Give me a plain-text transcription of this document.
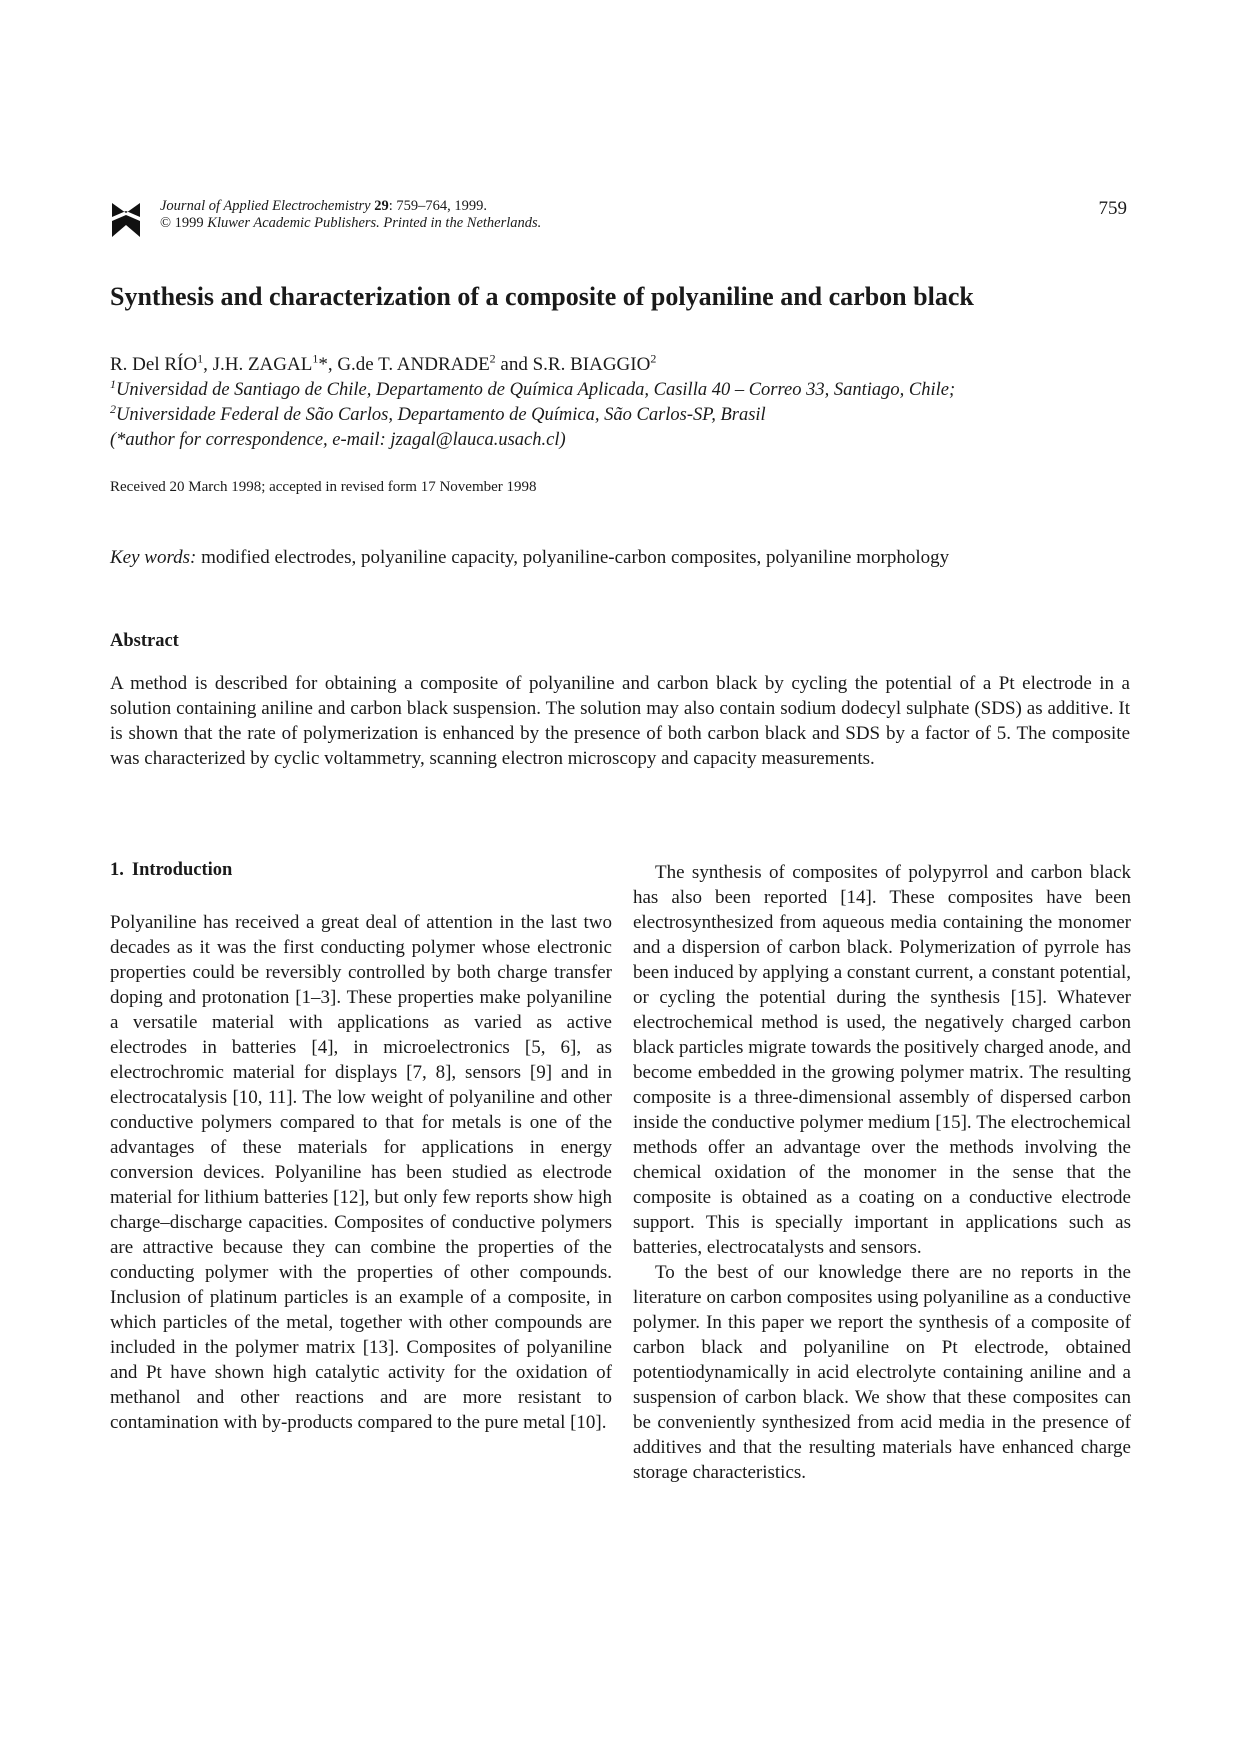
Journal of Applied Electrochemistry 29: 759–764, 1999.
© 1999 Kluwer Academic Publishers. Printed in the Netherlands.
759
Synthesis and characterization of a composite of polyaniline and carbon black
R. Del RÍO$^1$, J.H. ZAGAL$^1$*, G.de T. ANDRADE$^2$ and S.R. BIAGGIO$^2$
$^1$Universidad de Santiago de Chile, Departamento de Química Aplicada, Casilla 40 – Correo 33, Santiago, Chile;
$^2$Universidade Federal de São Carlos, Departamento de Química, São Carlos-SP, Brasil
(*author for correspondence, e-mail: jzagal@lauca.usach.cl)
Received 20 March 1998; accepted in revised form 17 November 1998
Key words: modified electrodes, polyaniline capacity, polyaniline-carbon composites, polyaniline morphology
Abstract
A method is described for obtaining a composite of polyaniline and carbon black by cycling the potential of a Pt electrode in a solution containing aniline and carbon black suspension. The solution may also contain sodium dodecyl sulphate (SDS) as additive. It is shown that the rate of polymerization is enhanced by the presence of both carbon black and SDS by a factor of 5. The composite was characterized by cyclic voltammetry, scanning electron microscopy and capacity measurements.
1. Introduction

Polyaniline has received a great deal of attention in the last two decades as it was the first conducting polymer whose electronic properties could be reversibly controlled by both charge transfer doping and protonation [1–3]. These properties make polyaniline a versatile material with applications as varied as active electrodes in batteries [4], in microelectronics [5, 6], as electrochromic material for displays [7, 8], sensors [9] and in electrocatalysis [10, 11]. The low weight of polyaniline and other conductive polymers compared to that for metals is one of the advantages of these materials for applications in energy conversion devices. Polyaniline has been studied as electrode material for lithium batteries [12], but only few reports show high charge–discharge capacities. Composites of conductive polymers are attractive because they can combine the properties of the conducting polymer with the properties of other compounds. Inclusion of platinum particles is an example of a composite, in which particles of the metal, together with other compounds are included in the polymer matrix [13]. Composites of polyaniline and Pt have shown high catalytic activity for the oxidation of methanol and other reactions and are more resistant to contamination with by-products compared to the pure metal [10].

The synthesis of composites of polypyrrol and carbon black has also been reported [14]. These composites have been electrosynthesized from aqueous media containing the monomer and a dispersion of carbon black. Polymerization of pyrrole has been induced by applying a constant current, a constant potential, or cycling the potential during the synthesis [15]. Whatever electrochemical method is used, the negatively charged carbon black particles migrate towards the positively charged anode, and become embedded in the growing polymer matrix. The resulting composite is a three-dimensional assembly of dispersed carbon inside the conductive polymer medium [15]. The electrochemical methods offer an advantage over the methods involving the chemical oxidation of the monomer in the sense that the composite is obtained as a coating on a conductive electrode support. This is specially important in applications such as batteries, electrocatalysts and sensors.

To the best of our knowledge there are no reports in the literature on carbon composites using polyaniline as a conductive polymer. In this paper we report the synthesis of a composite of carbon black and polyaniline on Pt electrode, obtained potentiodynamically in acid electrolyte containing aniline and a suspension of carbon black. We show that these composites can be conveniently synthesized from acid media in the presence of additives and that the resulting materials have enhanced charge storage characteristics.
